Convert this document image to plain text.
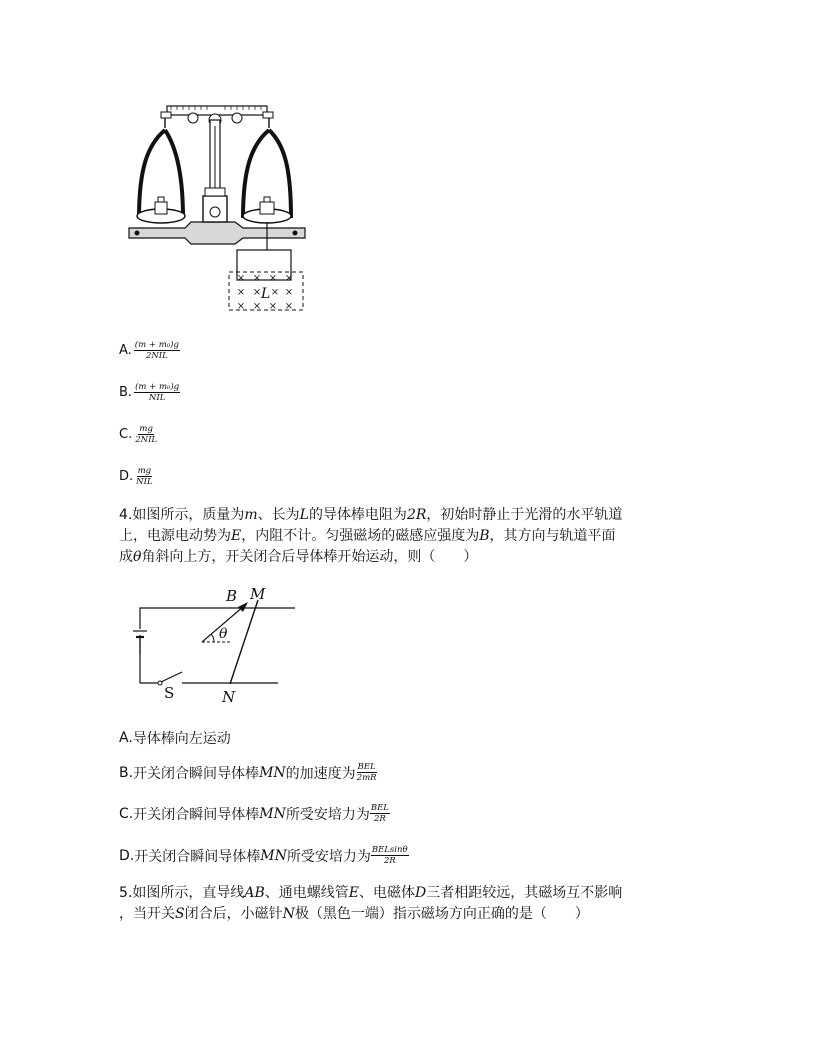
× × × ×
× × × ×
× × × ×
L
A. $\frac{\text{(m + m₀)g}}{\text{2NIL}}$
B. $\frac{\text{(m + m₀)g}}{\text{NIL}}$
C. $\frac{mg}{\text{2NIL}}$
D. $\frac{mg}{\text{NIL}}$
4.如图所示，质量为m、长为L的导体棒电阻为2R，初始时静止于光滑的水平轨道
上，电源电动势为E，内阻不计。匀强磁场的磁感应强度为B，其方向与轨道平面
成θ角斜向上方，开关闭合后导体棒开始运动，则（　　）
B M
θ
S	N
A. 导体棒向左运动
B. 开关闭合瞬间导体棒 MN 的加速度为 $\frac{\text{BEL}}{2mR}$
C. 开关闭合瞬间导体棒 MN 所受安培力为 $\frac{\text{BEL}}{2R}$
D. 开关闭合瞬间导体棒 MN 所受安培力为 $\frac{\text{BELsinθ}}{2R}$
5.如图所示，直导线AB、通电螺线管E、电磁体D三者相距较远，其磁场互不影响
，当开关S闭合后，小磁针N极（黑色一端）指示磁场方向正确的是（　　）
